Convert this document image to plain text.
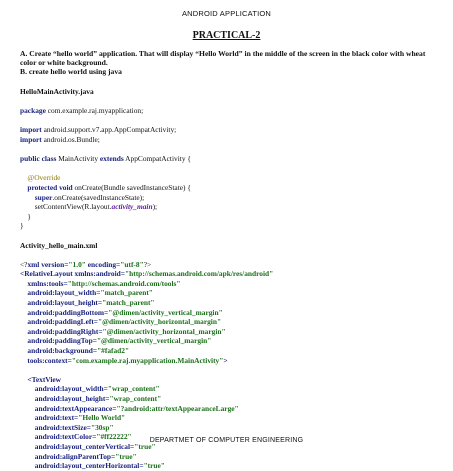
ANDROID APPLICATION
PRACTICAL-2
A. Create “hello world” application. That will display “Hello World” in the middle of the screen in the black color with wheat color or white background.
B. create hello world using java
HelloMainActivity.java
package com.example.raj.myapplication;
import android.support.v7.app.AppCompatActivity;
import android.os.Bundle;
public class MainActivity extends AppCompatActivity {
@Override
protected void onCreate(Bundle savedInstanceState) {
super.onCreate(savedInstanceState);
setContentView(R.layout.activity_main);
}
}
Activity_hello_main.xml
<?xml version="1.0" encoding="utf-8"?>
<RelativeLayout xmlns:android="http://schemas.android.com/apk/res/android"
xmlns:tools="http://schemas.android.com/tools"
android:layout_width="match_parent"
android:layout_height="match_parent"
android:paddingBottom="@dimen/activity_vertical_margin"
android:paddingLeft="@dimen/activity_horizontal_margin"
android:paddingRight="@dimen/activity_horizontal_margin"
android:paddingTop="@dimen/activity_vertical_margin"
android:background="#fafad2"
tools:context="com.example.raj.myapplication.MainActivity">
<TextView
android:layout_width="wrap_content"
android:layout_height="wrap_content"
android:textAppearance="?android:attr/textAppearanceLarge"
android:text="Hello World"
android:textSize="30sp"
android:textColor="#ff22222"
android:layout_centerVertical="true"
android:alignParentTop="true"
android:layout_centerHorizontal="true"
DEPARTMET OF COMPUTER ENGINEERING
